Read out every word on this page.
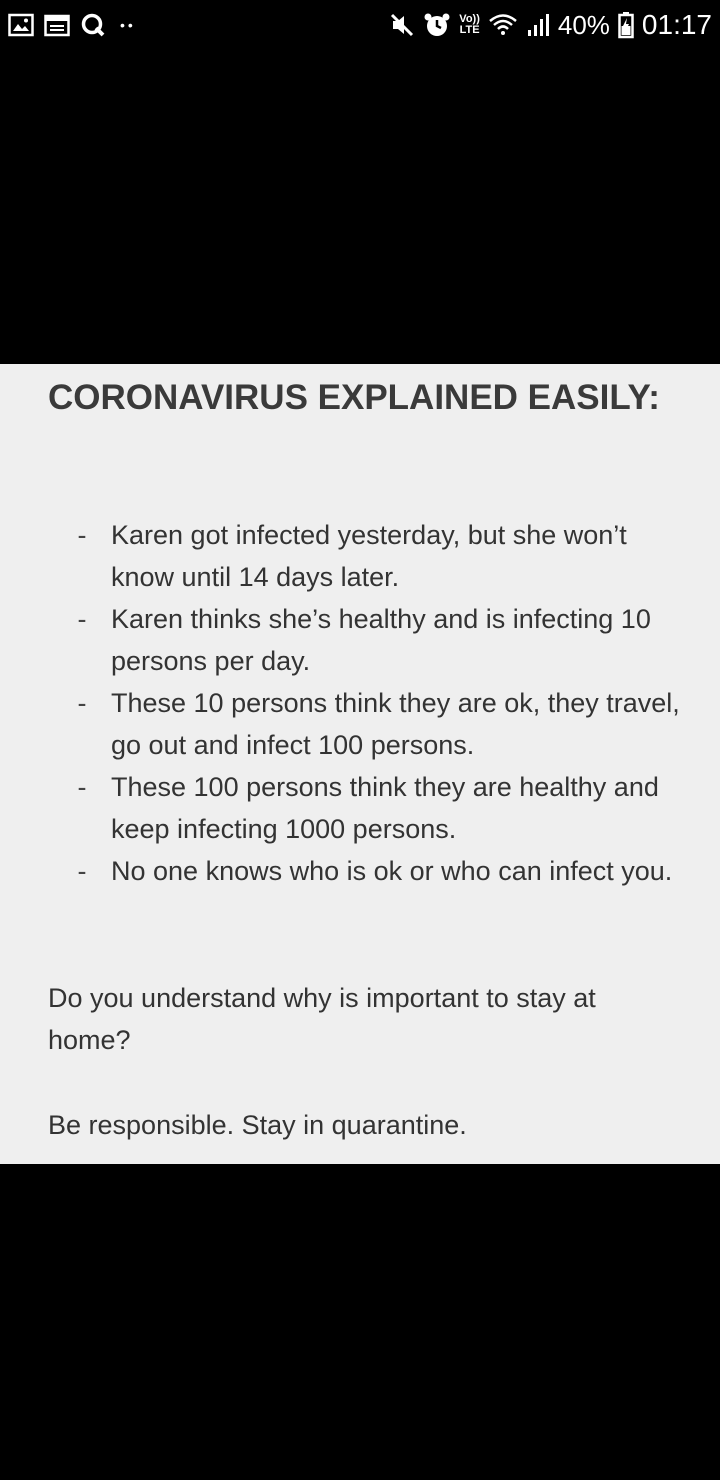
••	Vo))
LTE	40% 01:17
CORONAVIRUS EXPLAINED EASILY:
- Karen got infected yesterday, but she won’t know until 14 days later.
- Karen thinks she’s healthy and is infecting 10 persons per day.
- These 10 persons think they are ok, they travel, go out and infect 100 persons.
- These 100 persons think they are healthy and keep infecting 1000 persons.
- No one knows who is ok or who can infect you.

Do you understand why is important to stay at home?

Be responsible. Stay in quarantine.
